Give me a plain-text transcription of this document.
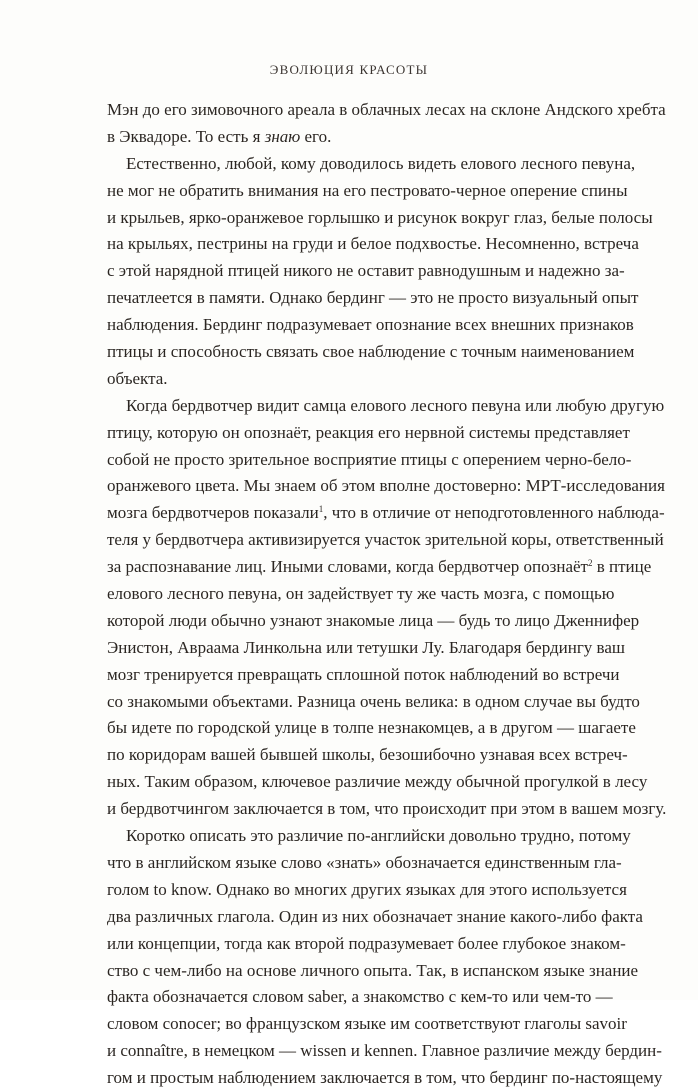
ЭВОЛЮЦИЯ КРАСОТЫ
Мэн до его зимовочного ареала в облачных лесах на склоне Андского хребта
в Эквадоре. То есть я знаю его.
Естественно, любой, кому доводилось видеть елового лесного певуна,
не мог не обратить внимания на его пестровато-черное оперение спины
и крыльев, ярко-оранжевое горлышко и рисунок вокруг глаз, белые полосы
на крыльях, пестрины на груди и белое подхвостье. Несомненно, встреча
с этой нарядной птицей никого не оставит равнодушным и надежно за-
печатлеется в памяти. Однако бердинг — это не просто визуальный опыт
наблюдения. Бердинг подразумевает опознание всех внешних признаков
птицы и способность связать свое наблюдение с точным наименованием
объекта.
Когда бердвотчер видит самца елового лесного певуна или любую другую
птицу, которую он опознаёт, реакция его нервной системы представляет
собой не просто зрительное восприятие птицы с оперением черно-бело-
оранжевого цвета. Мы знаем об этом вполне достоверно: МРТ-исследования
мозга бердвотчеров показали$^1$, что в отличие от неподготовленного наблюда-
теля у бердвотчера активизируется участок зрительной коры, ответственный
за распознавание лиц. Иными словами, когда бердвотчер опознаёт$^2$ в птице
елового лесного певуна, он задействует ту же часть мозга, с помощью
которой люди обычно узнают знакомые лица — будь то лицо Дженнифер
Энистон, Авраама Линкольна или тетушки Лу. Благодаря бердингу ваш
мозг тренируется превращать сплошной поток наблюдений во встречи
со знакомыми объектами. Разница очень велика: в одном случае вы будто
бы идете по городской улице в толпе незнакомцев, а в другом — шагаете
по коридорам вашей бывшей школы, безошибочно узнавая всех встреч-
ных. Таким образом, ключевое различие между обычной прогулкой в лесу
и бердвотчингом заключается в том, что происходит при этом в вашем мозгу.
Коротко описать это различие по-английски довольно трудно, потому
что в английском языке слово «знать» обозначается единственным гла-
голом to know. Однако во многих других языках для этого используется
два различных глагола. Один из них обозначает знание какого-либо факта
или концепции, тогда как второй подразумевает более глубокое знаком-
ство с чем-либо на основе личного опыта. Так, в испанском языке знание
факта обозначается словом saber, а знакомство с кем-то или чем-то —
словом conocer; во французском языке им соответствуют глаголы savoir
и connaître, в немецком — wissen и kennen. Главное различие между бердин-
гом и простым наблюдением заключается в том, что бердинг по-настоящему
